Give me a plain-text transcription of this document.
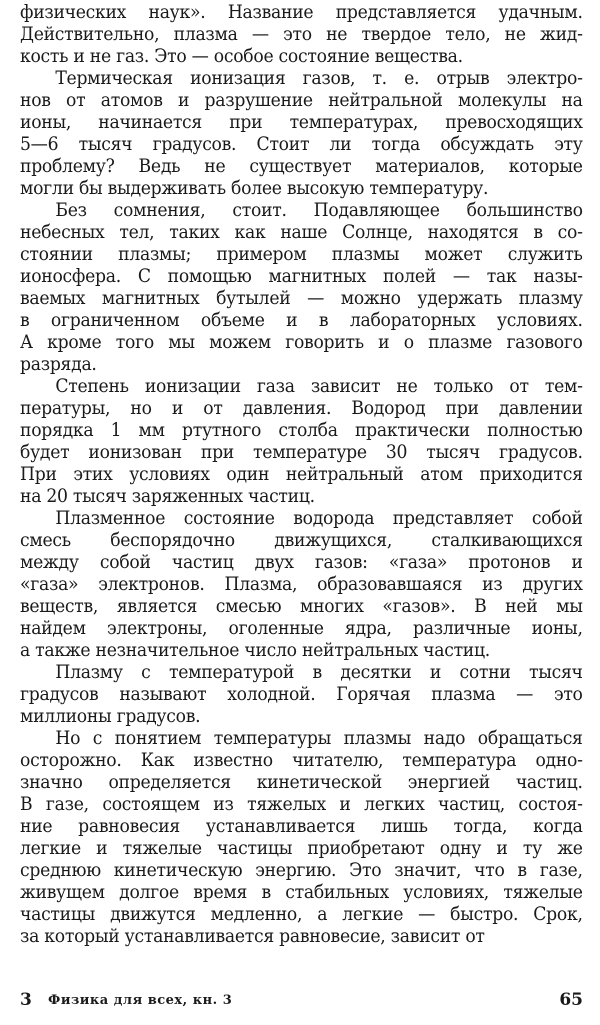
физических наук». Название представляется удачным.
Действительно, плазма — это не твердое тело, не жид-
кость и не газ. Это — особое состояние вещества.
Термическая ионизация газов, т. е. отрыв электро-
нов от атомов и разрушение нейтральной молекулы на
ионы, начинается при температурах, превосходящих
5—6 тысяч градусов. Стоит ли тогда обсуждать эту
проблему? Ведь не существует материалов, которые
могли бы выдерживать более высокую температуру.
Без сомнения, стоит. Подавляющее большинство
небесных тел, таких как наше Солнце, находятся в со-
стоянии плазмы; примером плазмы может служить
ионосфера. С помощью магнитных полей — так назы-
ваемых магнитных бутылей — можно удержать плазму
в ограниченном объеме и в лабораторных условиях.
А кроме того мы можем говорить и о плазме газового
разряда.
Степень ионизации газа зависит не только от тем-
пературы, но и от давления. Водород при давлении
порядка 1 мм ртутного столба практически полностью
будет ионизован при температуре 30 тысяч градусов.
При этих условиях один нейтральный атом приходится
на 20 тысяч заряженных частиц.
Плазменное состояние водорода представляет собой
смесь беспорядочно движущихся, сталкивающихся
между собой частиц двух газов: «газа» протонов и
«газа» электронов. Плазма, образовавшаяся из других
веществ, является смесью многих «газов». В ней мы
найдем электроны, оголенные ядра, различные ионы,
а также незначительное число нейтральных частиц.
Плазму с температурой в десятки и сотни тысяч
градусов называют холодной. Горячая плазма — это
миллионы градусов.
Но с понятием температуры плазмы надо обращаться
осторожно. Как известно читателю, температура одно-
значно определяется кинетической энергией частиц.
В газе, состоящем из тяжелых и легких частиц, состоя-
ние равновесия устанавливается лишь тогда, когда
легкие и тяжелые частицы приобретают одну и ту же
среднюю кинетическую энергию. Это значит, что в газе,
живущем долгое время в стабильных условиях, тяжелые
частицы движутся медленно, а легкие — быстро. Срок,
за который устанавливается равновесие, зависит от
3 Физика для всех, кн. 3	65
